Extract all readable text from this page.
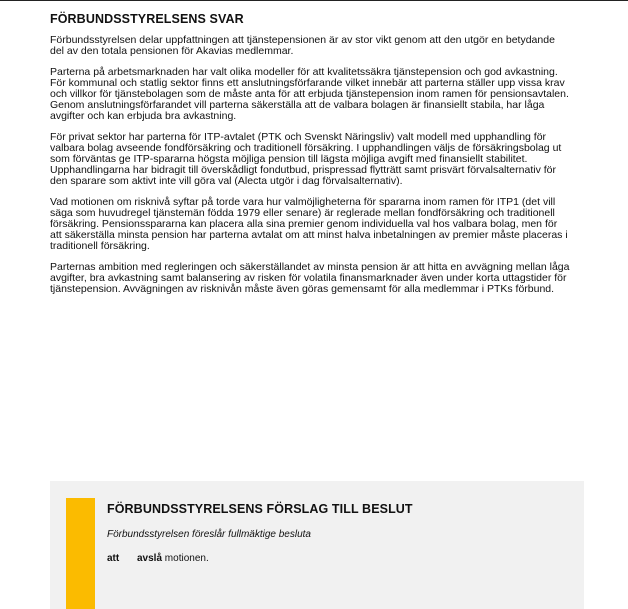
FÖRBUNDSSTYRELSENS SVAR

Förbundsstyrelsen delar uppfattningen att tjänstepensionen är av stor vikt genom att den utgör en betydande del av den totala pensionen för Akavias medlemmar.

Parterna på arbetsmarknaden har valt olika modeller för att kvalitetssäkra tjänstepension och god avkastning. För kommunal och statlig sektor finns ett anslutningsförfarande vilket innebär att parterna ställer upp vissa krav och villkor för tjänstebolagen som de måste anta för att erbjuda tjänstepension inom ramen för pensionsavtalen. Genom anslutningsförfarandet vill parterna säkerställa att de valbara bolagen är finansiellt stabila, har låga avgifter och kan erbjuda bra avkastning.

För privat sektor har parterna för ITP-avtalet (PTK och Svenskt Näringsliv) valt modell med upphandling för valbara bolag avseende fondförsäkring och traditionell försäkring. I upphandlingen väljs de försäkringsbolag ut som förväntas ge ITP-spararna högsta möjliga pension till lägsta möjliga avgift med finansiellt stabilitet. Upphandlingarna har bidragit till överskådligt fondutbud, prispressad flytträtt samt prisvärt förvalsalternativ för den sparare som aktivt inte vill göra val (Alecta utgör i dag förvalsalternativ).

Vad motionen om risknivå syftar på torde vara hur valmöjligheterna för spararna inom ramen för ITP1 (det vill säga som huvudregel tjänstemän födda 1979 eller senare) är reglerade mellan fondförsäkring och traditionell försäkring. Pensionsspararna kan placera alla sina premier genom individuella val hos valbara bolag, men för att säkerställa minsta pension har parterna avtalat om att minst halva inbetalningen av premier måste placeras i traditionell försäkring.

Parternas ambition med regleringen och säkerställandet av minsta pension är att hitta en avvägning mellan låga avgifter, bra avkastning samt balansering av risken för volatila finansmarknader även under korta uttagstider för tjänstepension. Avvägningen av risknivån måste även göras gemensamt för alla medlemmar i PTKs förbund.

FÖRBUNDSSTYRELSENS FÖRSLAG TILL BESLUT
Förbundsstyrelsen föreslår fullmäktige besluta
att avslå motionen.
